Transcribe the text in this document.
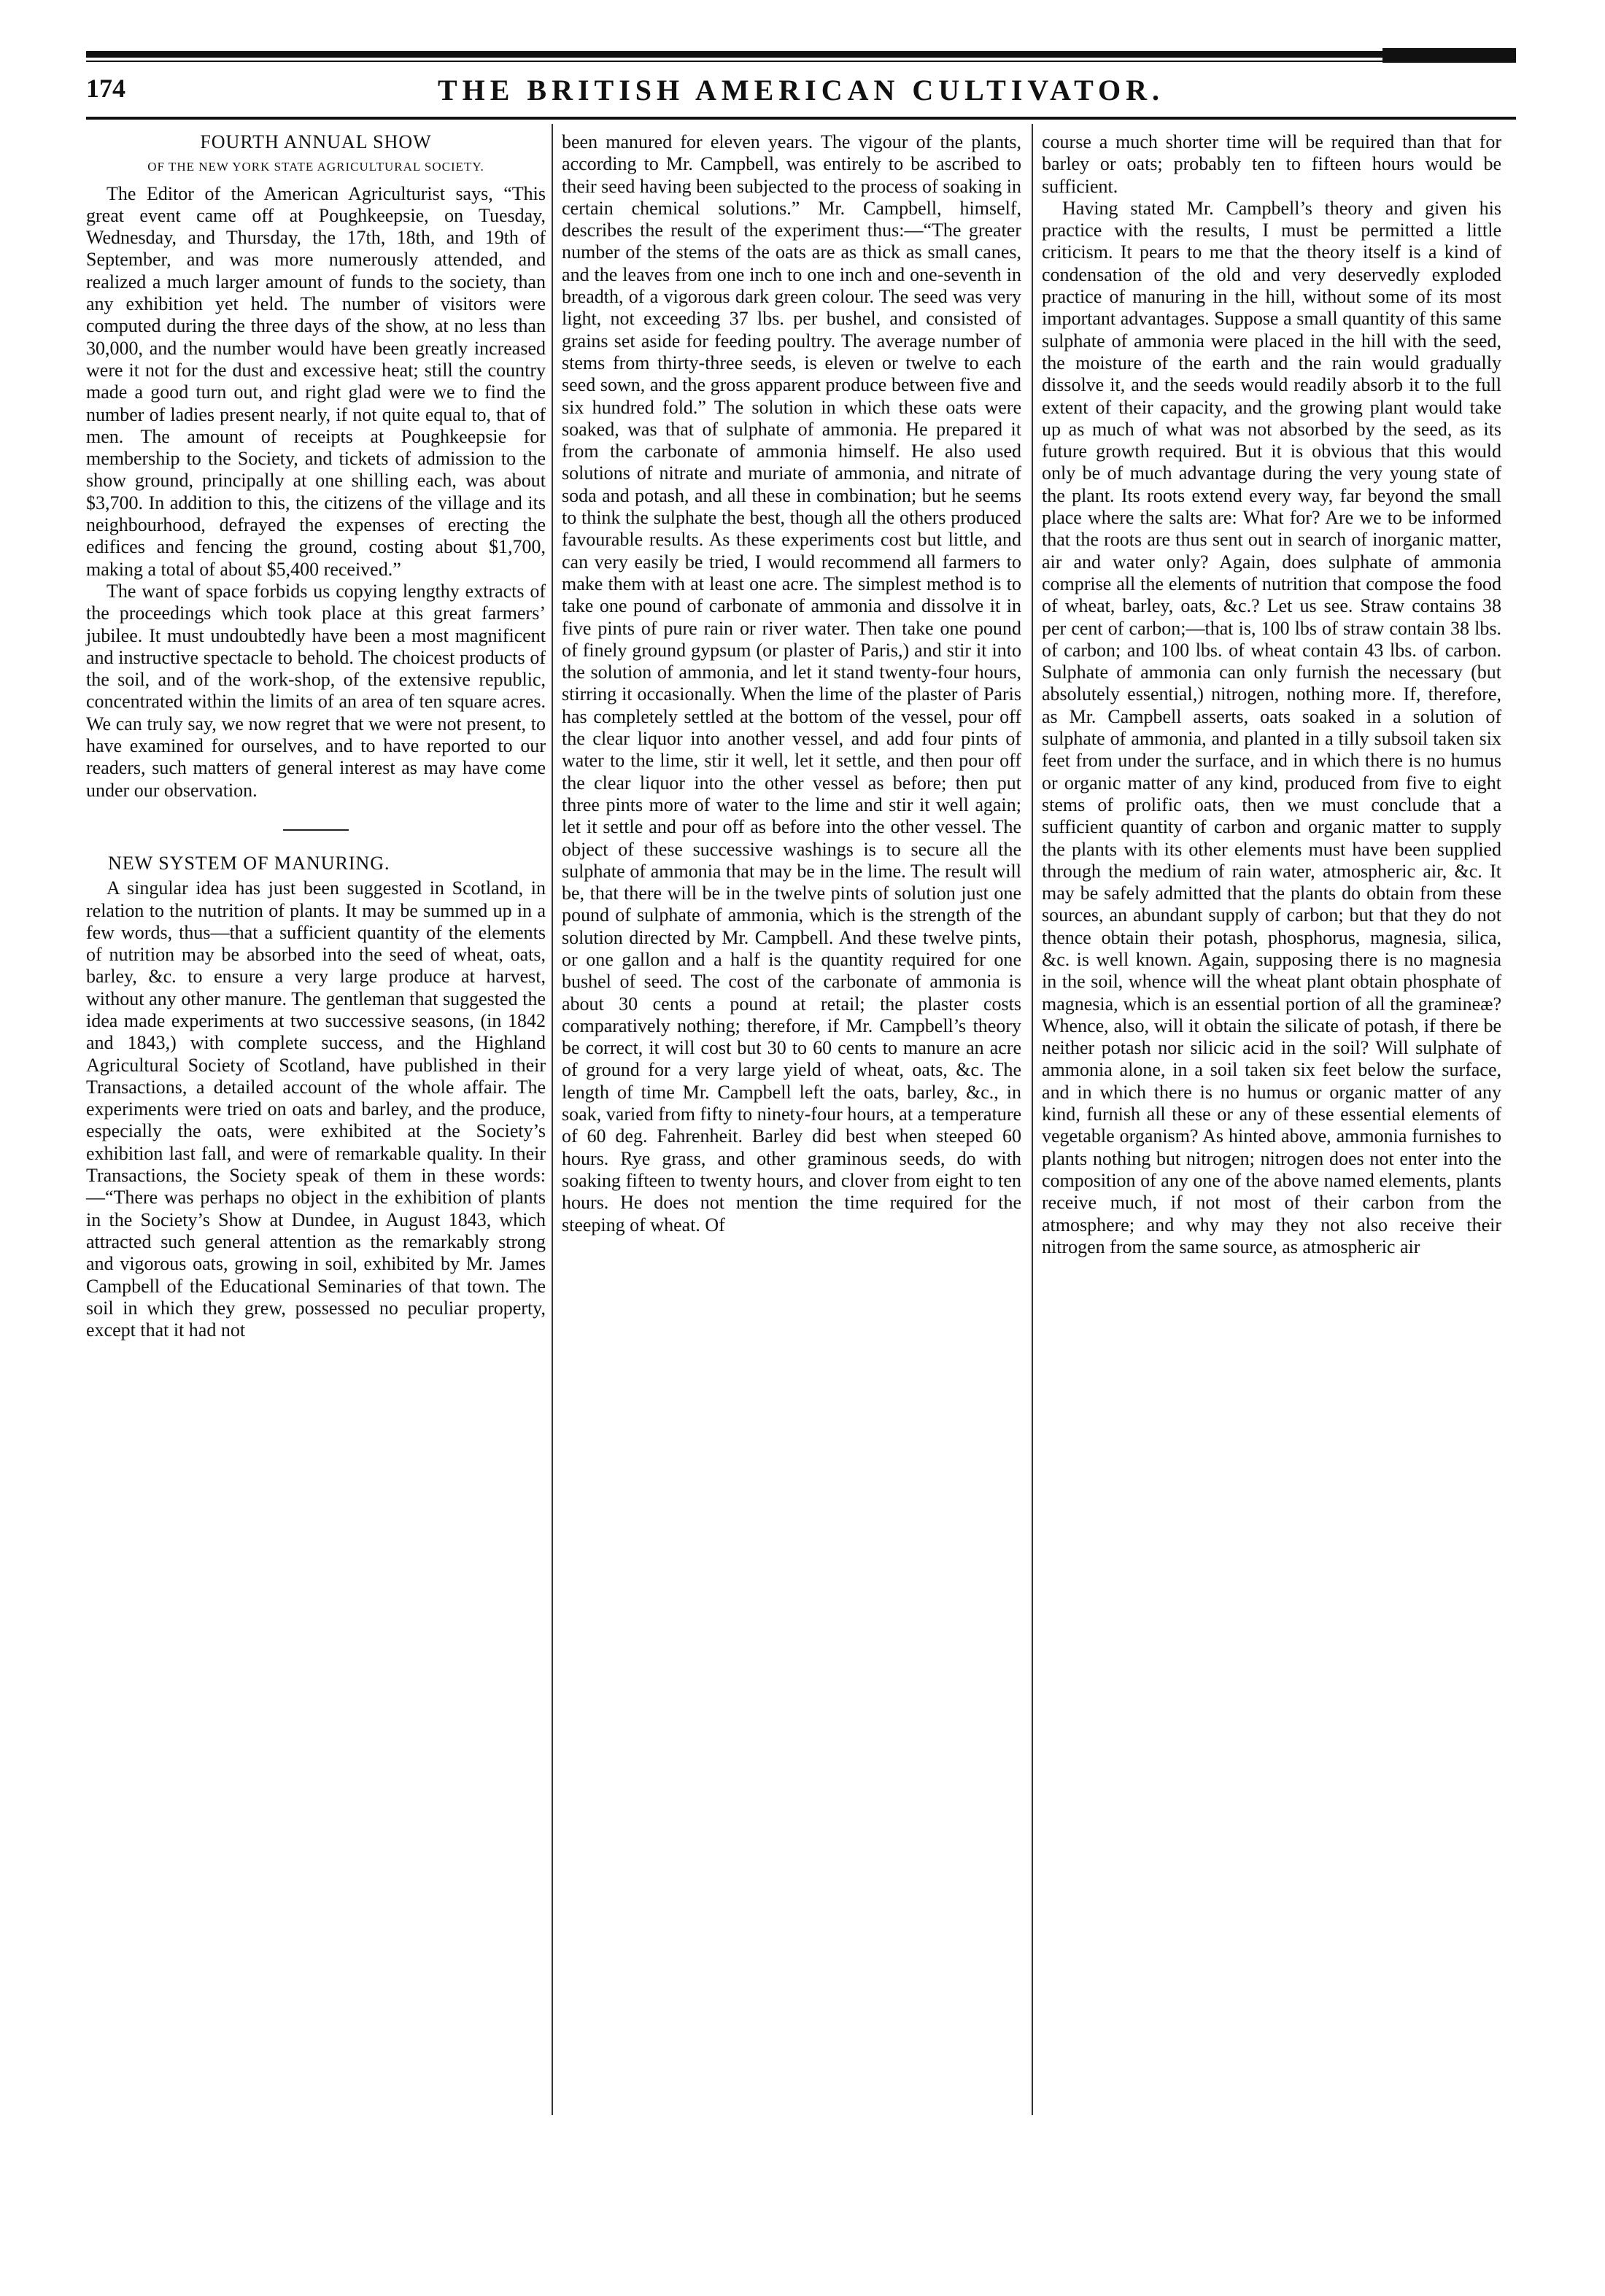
174	THE BRITISH AMERICAN CULTIVATOR.
FOURTH ANNUAL SHOW
OF THE NEW YORK STATE AGRICULTURAL SOCIETY.

The Editor of the American Agriculturist says, “This great event came off at Poughkeepsie, on Tuesday, Wednesday, and Thursday, the 17th, 18th, and 19th of September, and was more numerously attended, and realized a much larger amount of funds to the society, than any exhibition yet held. The number of visitors were computed during the three days of the show, at no less than 30,000, and the number would have been greatly increased were it not for the dust and excessive heat; still the country made a good turn out, and right glad were we to find the number of ladies present nearly, if not quite equal to, that of men. The amount of receipts at Poughkeepsie for membership to the Society, and tickets of admission to the show ground, principally at one shilling each, was about $3,700. In addition to this, the citizens of the village and its neighbourhood, defrayed the expenses of erecting the edifices and fencing the ground, costing about $1,700, making a total of about $5,400 received.”

The want of space forbids us copying lengthy extracts of the proceedings which took place at this great farmers’ jubilee. It must undoubtedly have been a most magnificent and instructive spectacle to behold. The choicest products of the soil, and of the work-shop, of the extensive republic, concentrated within the limits of an area of ten square acres. We can truly say, we now regret that we were not present, to have examined for ourselves, and to have reported to our readers, such matters of general interest as may have come under our observation.

NEW SYSTEM OF MANURING.

A singular idea has just been suggested in Scotland, in relation to the nutrition of plants. It may be summed up in a few words, thus—that a sufficient quantity of the elements of nutrition may be absorbed into the seed of wheat, oats, barley, &c. to ensure a very large produce at harvest, without any other manure. The gentleman that suggested the idea made experiments at two successive seasons, (in 1842 and 1843,) with complete success, and the Highland Agricultural Society of Scotland, have published in their Transactions, a detailed account of the whole affair. The experiments were tried on oats and barley, and the produce, especially the oats, were exhibited at the Society’s exhibition last fall, and were of remarkable quality. In their Transactions, the Society speak of them in these words:—“There was perhaps no object in the exhibition of plants in the Society’s Show at Dundee, in August 1843, which attracted such general attention as the remarkably strong and vigorous oats, growing in soil, exhibited by Mr. James Campbell of the Educational Seminaries of that town. The soil in which they grew, possessed no peculiar property, except that it had not

been manured for eleven years. The vigour of the plants, according to Mr. Campbell, was entirely to be ascribed to their seed having been subjected to the process of soaking in certain chemical solutions.” Mr. Campbell, himself, describes the result of the experiment thus:—“The greater number of the stems of the oats are as thick as small canes, and the leaves from one inch to one inch and one-seventh in breadth, of a vigorous dark green colour. The seed was very light, not exceeding 37 lbs. per bushel, and consisted of grains set aside for feeding poultry. The average number of stems from thirty-three seeds, is eleven or twelve to each seed sown, and the gross apparent produce between five and six hundred fold.” The solution in which these oats were soaked, was that of sulphate of ammonia. He prepared it from the carbonate of ammonia himself. He also used solutions of nitrate and muriate of ammonia, and nitrate of soda and potash, and all these in combination; but he seems to think the sulphate the best, though all the others produced favourable results. As these experiments cost but little, and can very easily be tried, I would recommend all farmers to make them with at least one acre. The simplest method is to take one pound of carbonate of ammonia and dissolve it in five pints of pure rain or river water. Then take one pound of finely ground gypsum (or plaster of Paris,) and stir it into the solution of ammonia, and let it stand twenty-four hours, stirring it occasionally. When the lime of the plaster of Paris has completely settled at the bottom of the vessel, pour off the clear liquor into another vessel, and add four pints of water to the lime, stir it well, let it settle, and then pour off the clear liquor into the other vessel as before; then put three pints more of water to the lime and stir it well again; let it settle and pour off as before into the other vessel. The object of these successive washings is to secure all the sulphate of ammonia that may be in the lime. The result will be, that there will be in the twelve pints of solution just one pound of sulphate of ammonia, which is the strength of the solution directed by Mr. Campbell. And these twelve pints, or one gallon and a half is the quantity required for one bushel of seed. The cost of the carbonate of ammonia is about 30 cents a pound at retail; the plaster costs comparatively nothing; therefore, if Mr. Campbell’s theory be correct, it will cost but 30 to 60 cents to manure an acre of ground for a very large yield of wheat, oats, &c. The length of time Mr. Campbell left the oats, barley, &c., in soak, varied from fifty to ninety-four hours, at a temperature of 60 deg. Fahrenheit. Barley did best when steeped 60 hours. Rye grass, and other graminous seeds, do with soaking fifteen to twenty hours, and clover from eight to ten hours. He does not mention the time required for the steeping of wheat. Of

course a much shorter time will be required than that for barley or oats; probably ten to fifteen hours would be sufficient.

Having stated Mr. Campbell’s theory and given his practice with the results, I must be permitted a little criticism. It pears to me that the theory itself is a kind of condensation of the old and very deservedly exploded practice of manuring in the hill, without some of its most important advantages. Suppose a small quantity of this same sulphate of ammonia were placed in the hill with the seed, the moisture of the earth and the rain would gradually dissolve it, and the seeds would readily absorb it to the full extent of their capacity, and the growing plant would take up as much of what was not absorbed by the seed, as its future growth required. But it is obvious that this would only be of much advantage during the very young state of the plant. Its roots extend every way, far beyond the small place where the salts are: What for? Are we to be informed that the roots are thus sent out in search of inorganic matter, air and water only? Again, does sulphate of ammonia comprise all the elements of nutrition that compose the food of wheat, barley, oats, &c.? Let us see. Straw contains 38 per cent of carbon;—that is, 100 lbs of straw contain 38 lbs. of carbon; and 100 lbs. of wheat contain 43 lbs. of carbon. Sulphate of ammonia can only furnish the necessary (but absolutely essential,) nitrogen, nothing more. If, therefore, as Mr. Campbell asserts, oats soaked in a solution of sulphate of ammonia, and planted in a tilly subsoil taken six feet from under the surface, and in which there is no humus or organic matter of any kind, produced from five to eight stems of prolific oats, then we must conclude that a sufficient quantity of carbon and organic matter to supply the plants with its other elements must have been supplied through the medium of rain water, atmospheric air, &c. It may be safely admitted that the plants do obtain from these sources, an abundant supply of carbon; but that they do not thence obtain their potash, phosphorus, magnesia, silica, &c. is well known. Again, supposing there is no magnesia in the soil, whence will the wheat plant obtain phosphate of magnesia, which is an essential portion of all the gramineæ? Whence, also, will it obtain the silicate of potash, if there be neither potash nor silicic acid in the soil? Will sulphate of ammonia alone, in a soil taken six feet below the surface, and in which there is no humus or organic matter of any kind, furnish all these or any of these essential elements of vegetable organism? As hinted above, ammonia furnishes to plants nothing but nitrogen; nitrogen does not enter into the composition of any one of the above named elements, plants receive much, if not most of their carbon from the atmosphere; and why may they not also receive their nitrogen from the same source, as atmospheric air
